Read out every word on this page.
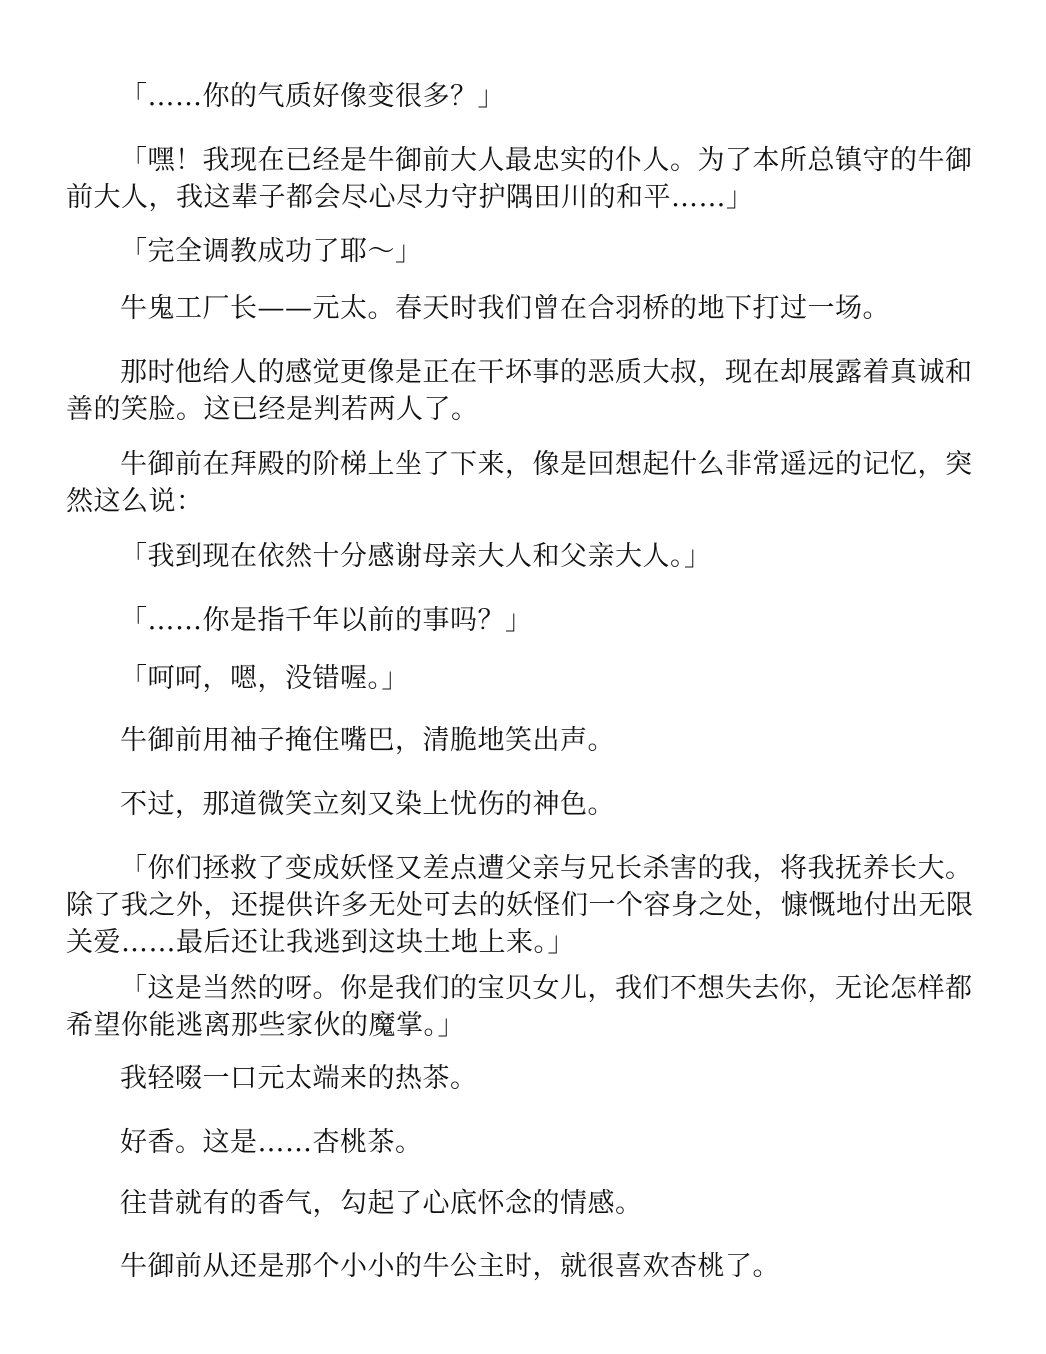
「……你的气质好像变很多？」

「嘿！我现在已经是牛御前大人最忠实的仆人。为了本所总镇守的牛御前大人，我这辈子都会尽心尽力守护隅田川的和平……」

「完全调教成功了耶～」

牛鬼工厂长——元太。春天时我们曾在合羽桥的地下打过一场。

那时他给人的感觉更像是正在干坏事的恶质大叔，现在却展露着真诚和善的笑脸。这已经是判若两人了。

牛御前在拜殿的阶梯上坐了下来，像是回想起什么非常遥远的记忆，突然这么说：

「我到现在依然十分感谢母亲大人和父亲大人。」

「……你是指千年以前的事吗？」

「呵呵，嗯，没错喔。」

牛御前用袖子掩住嘴巴，清脆地笑出声。

不过，那道微笑立刻又染上忧伤的神色。

「你们拯救了变成妖怪又差点遭父亲与兄长杀害的我，将我抚养长大。除了我之外，还提供许多无处可去的妖怪们一个容身之处，慷慨地付出无限关爱……最后还让我逃到这块土地上来。」

「这是当然的呀。你是我们的宝贝女儿，我们不想失去你，无论怎样都希望你能逃离那些家伙的魔掌。」

我轻啜一口元太端来的热茶。

好香。这是……杏桃茶。

往昔就有的香气，勾起了心底怀念的情感。

牛御前从还是那个小小的牛公主时，就很喜欢杏桃了。
